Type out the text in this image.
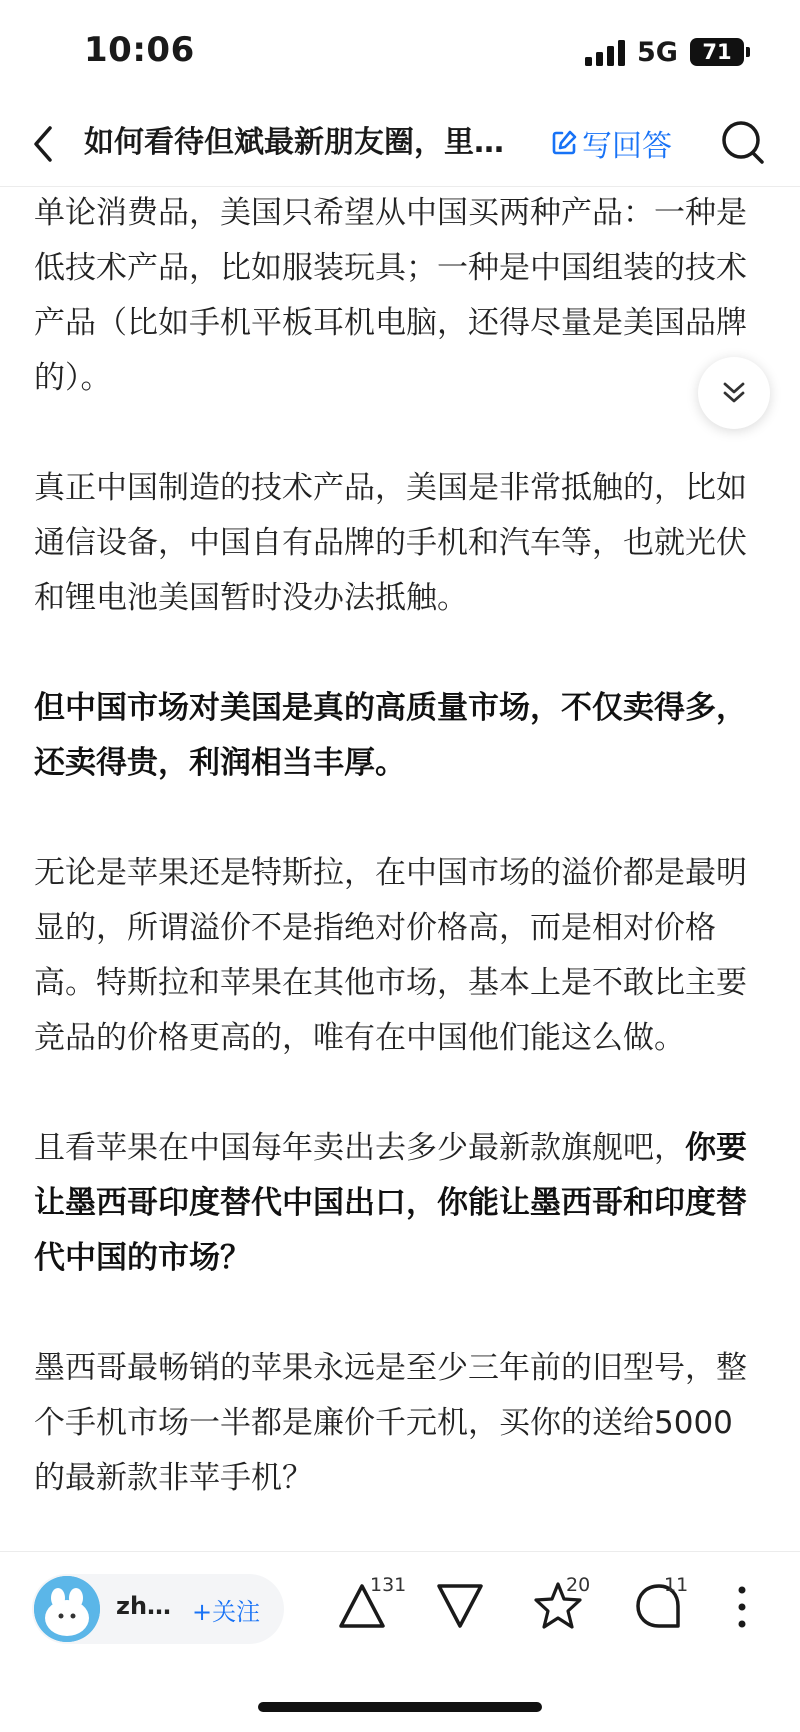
10:06	5G	71
如何看待但斌最新朋友圈，里…	写回答

单论消费品，美国只希望从中国买两种产品：一种是低技术产品，比如服装玩具；一种是中国组装的技术产品（比如手机平板耳机电脑，还得尽量是美国品牌的）。

真正中国制造的技术产品，美国是非常抵触的，比如通信设备，中国自有品牌的手机和汽车等，也就光伏和锂电池美国暂时没办法抵触。

但中国市场对美国是真的高质量市场，不仅卖得多，还卖得贵，利润相当丰厚。

无论是苹果还是特斯拉，在中国市场的溢价都是最明显的，所谓溢价不是指绝对价格高，而是相对价格高。特斯拉和苹果在其他市场，基本上是不敢比主要竞品的价格更高的，唯有在中国他们能这么做。

且看苹果在中国每年卖出去多少最新款旗舰吧，你要让墨西哥印度替代中国出口，你能让墨西哥和印度替代中国的市场？

墨西哥最畅销的苹果永远是至少三年前的旧型号，整个手机市场一半都是廉价千元机，买你的送给5000的最新款非苹手机？

zh… +关注
131	20	11
